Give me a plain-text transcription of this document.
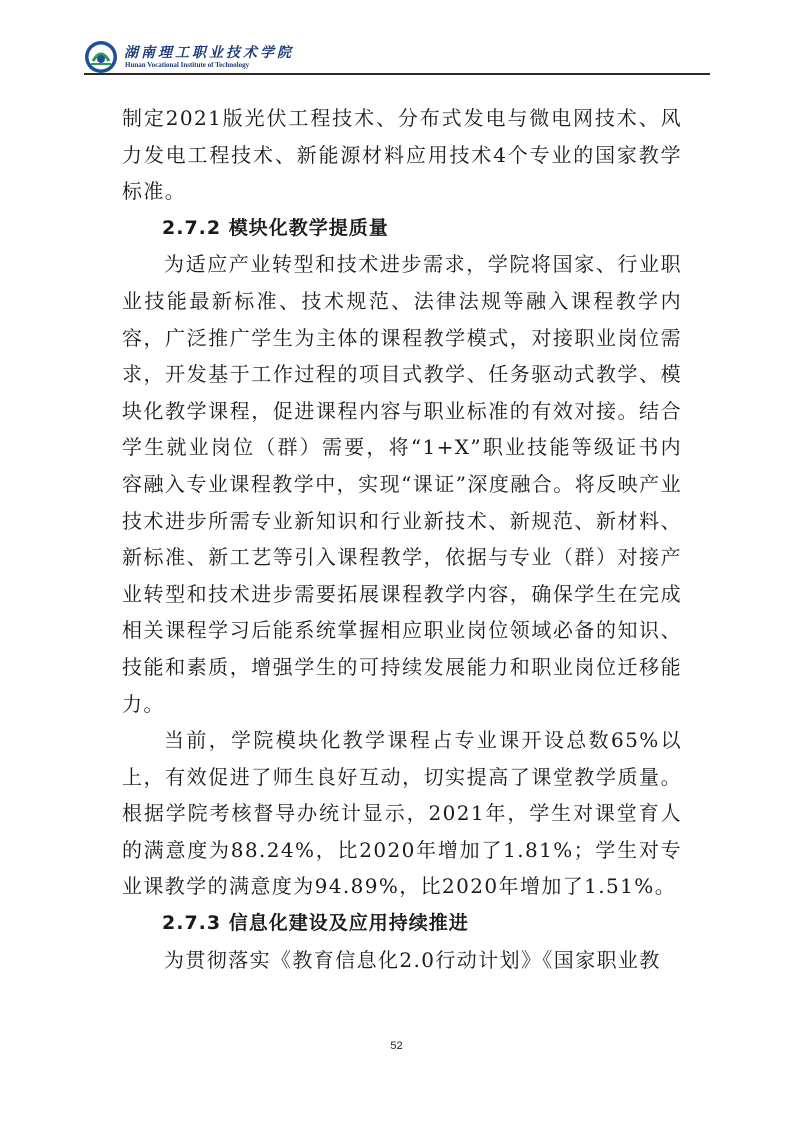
湖南理工职业技术学院
Hunan Vocational Institute of Technology

制定2021版光伏工程技术、分布式发电与微电网技术、风力发电工程技术、新能源材料应用技术4个专业的国家教学标准。

2.7.2 模块化教学提质量

为适应产业转型和技术进步需求，学院将国家、行业职业技能最新标准、技术规范、法律法规等融入课程教学内容，广泛推广学生为主体的课程教学模式，对接职业岗位需求，开发基于工作过程的项目式教学、任务驱动式教学、模块化教学课程，促进课程内容与职业标准的有效对接。结合学生就业岗位（群）需要，将“1+X”职业技能等级证书内容融入专业课程教学中，实现“课证”深度融合。将反映产业技术进步所需专业新知识和行业新技术、新规范、新材料、新标准、新工艺等引入课程教学，依据与专业（群）对接产业转型和技术进步需要拓展课程教学内容，确保学生在完成相关课程学习后能系统掌握相应职业岗位领域必备的知识、技能和素质，增强学生的可持续发展能力和职业岗位迁移能力。

当前，学院模块化教学课程占专业课开设总数65%以上，有效促进了师生良好互动，切实提高了课堂教学质量。根据学院考核督导办统计显示，2021年，学生对课堂育人的满意度为88.24%，比2020年增加了1.81%；学生对专业课教学的满意度为94.89%，比2020年增加了1.51%。

2.7.3 信息化建设及应用持续推进

为贯彻落实《教育信息化2.0行动计划》《国家职业教

52
